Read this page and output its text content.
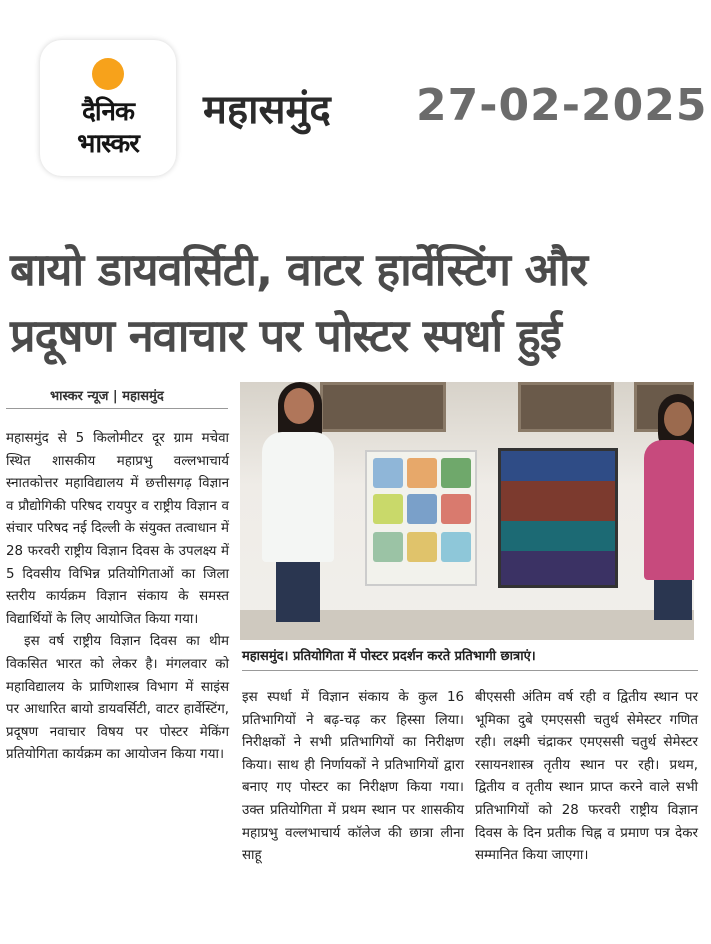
दैनिक
भास्कर
महासमुंद 27-02-2025
बायो डायवर्सिटी, वाटर हार्वेस्टिंग और
प्रदूषण नवाचार पर पोस्टर स्पर्धा हुई
भास्कर न्यूज | महासमुंद

महासमुंद से 5 किलोमीटर दूर ग्राम मचेवा स्थित शासकीय महाप्रभु वल्लभाचार्य स्नातकोत्तर महाविद्यालय में छत्तीसगढ़ विज्ञान व प्रौद्योगिकी परिषद रायपुर व राष्ट्रीय विज्ञान व संचार परिषद नई दिल्ली के संयुक्त तत्वाधान में 28 फरवरी राष्ट्रीय विज्ञान दिवस के उपलक्ष्य में 5 दिवसीय विभिन्न प्रतियोगिताओं का जिला स्तरीय कार्यक्रम विज्ञान संकाय के समस्त विद्यार्थियों के लिए आयोजित किया गया।

इस वर्ष राष्ट्रीय विज्ञान दिवस का थीम विकसित भारत को लेकर है। मंगलवार को महाविद्यालय के प्राणिशास्त्र विभाग में साइंस पर आधारित बायो डायवर्सिटी, वाटर हार्वेस्टिंग, प्रदूषण नवाचार विषय पर पोस्टर मेकिंग प्रतियोगिता कार्यक्रम का आयोजन किया गया।

महासमुंद। प्रतियोगिता में पोस्टर प्रदर्शन करते प्रतिभागी छात्राएं।

इस स्पर्धा में विज्ञान संकाय के कुल 16 प्रतिभागियों ने बढ़-चढ़ कर हिस्सा लिया। निरीक्षकों ने सभी प्रतिभागियों का निरीक्षण किया। साथ ही निर्णायकों ने प्रतिभागियों द्वारा बनाए गए पोस्टर का निरीक्षण किया गया। उक्त प्रतियोगिता में प्रथम स्थान पर शासकीय महाप्रभु वल्लभाचार्य कॉलेज की छात्रा लीना साहू

बीएससी अंतिम वर्ष रही व द्वितीय स्थान पर भूमिका दुबे एमएससी चतुर्थ सेमेस्टर गणित रही। लक्ष्मी चंद्राकर एमएससी चतुर्थ सेमेस्टर रसायनशास्त्र तृतीय स्थान पर रही। प्रथम, द्वितीय व तृतीय स्थान प्राप्त करने वाले सभी प्रतिभागियों को 28 फरवरी राष्ट्रीय विज्ञान दिवस के दिन प्रतीक चिह्न व प्रमाण पत्र देकर सम्मानित किया जाएगा।
